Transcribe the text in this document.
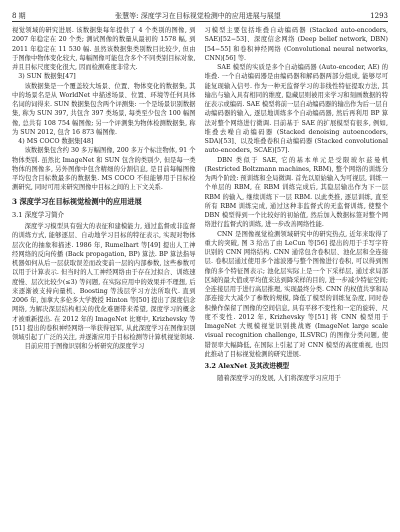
8 期	张慧等: 深度学习在目标视觉检测中的应用进展与展望	1293

视觉领域的研究进展. 该数据集每年提供了 4 个类别的图像, 到 2007 年稳定在 20 个类; 测试图像的数量从最初的 1578 幅, 到 2011 年稳定在 11 530 幅. 虽然该数据集类别数目比较少, 但由于图像中物体变化较大, 每幅图像可能包含多个不同类别目标对象, 并且目标尺度变化很大, 因而检测难度非常大.

3) SUN 数据集[47]

该数据集是一个覆盖较大场景、位置、物体变化的数据集, 其中的场景名是从 WorldNet 中描述场景、位置、环境等任何具体名词的词得来. SUN 数据集包含两个评测集: 一个是场景识别数据集, 称为 SUN 397, 共包含 397 类场景, 每类至少包含 100 幅图像, 总共有 108 754 幅图像; 另一个评测集为物体检测数据集, 称为 SUN 2012, 包含 16 873 幅图像.

4) MS COCO 数据集[48]

该数据集包含约 30 多万幅图像, 200 多万个标注物体, 91 个物体类别. 虽然比 ImageNet 和 SUN 包含的类别少, 但是每一类物体的图像多, 另外图像中包含精细的分割信息, 是目前每幅图像平均包含目标数最多的数据集. MS COCO 不但能够用于目标检测研究, 同时可用来研究图像中目标之间的上下文关系.

3 深度学习在目标视觉检测中的应用进展
3.1 深度学习简介

深度学习模型具有强大的表征和建模能力, 通过监督或非监督的训练方式, 能够逐层、自动地学习目标的特征表示, 实现对物体层次化的抽象和描述. 1986 年, Rumelhart 等[49] 提出人工神经网络的反向传播 (Back propagation, BP) 算法. BP 算法指导机器如何从后一层获取误差而改变前一层的内部参数, 这些参数可以用于计算表示. 但当时的人工神经网络由于存在过拟合、训练速度慢、层次比较少(≤3) 等问题, 在实际应用中的效果并不理想, 后来逐渐被支持向量机、Boosting 等浅层学习方法所取代. 直到 2006 年, 加拿大多伦多大学教授 Hinton 等[50] 提出了深度信念网络, 为解决深层结构相关的优化难题带来希望, 深度学习的概念才被重新提出. 在 2012 年的 ImageNet 比赛中, Krizhevsky 等[51] 提出的卷积神经网络一举获得冠军, 从此深度学习在图像识别领域引起了广泛的关注, 并逐渐应用于目标检测等计算机视觉领域.

目前应用于图像识别和分析研究的深度学习

习模型主要包括堆叠自动编码器 (Stacked auto-encoders, SAE)[52−53]、深度信念网络 (Deep belief network, DBN)[54−55] 和卷积神经网络 (Convolutional neural networks, CNN)[56] 等.

SAE 模型的实质是多个自动编码器 (Auto-encoder, AE) 的堆叠. 一个自动编码器是由编码器和解码器两部分组成, 能够尽可能复现输入信号. 作为一种无监督学习的非线性特征提取方法, 其输出与输入具有相同的维度, 隐藏层则被用来学习和刻画数据的特征表示或编码. SAE 模型将前一层自动编码器的输出作为后一层自动编码器的输入, 逐层地训练多个自动编码器, 然后再利用 BP 算法对整个网络进行微调. 目前基于 SAE 的扩展模型有很多, 例如, 堆叠去噪自动编码器 (Stacked denoising autoencoders, SDA)[53]、以及堆叠卷积自动编码器 (Stacked convolutional auto-encoders, SCAE)[57].

DBN 类似于 SAE, 它的基本单元是受限玻尔兹曼机 (Restricted Boltzmann machines, RBM), 整个网络的训练分为两个阶段: 预训练和全局微调. 首先以原始输入为可视层, 训练一个单层的 RBM, 在 RBM 训练完成后, 其隐层输出作为下一层 RBM 的输入, 继续训练下一层 RBM. 以此类推, 逐层训练, 直至所有 RBM 训练完成, 通过这种非监督式的无监督训练, 使整个 DBN 模型得到一个比较好的初始值, 然后加入数据标签对整个网络进行监督式的训练, 进一步改善网络性能.

CNN 是图像视觉检测领域研究中的研究热点, 近年来取得了重大的突破, 图 3 给出了由 LeCun 等[56] 提出的用于手写字符识别的 CNN 网络结构. CNN 通常包含卷积层、池化层和全连接层. 卷积层通过使用多个滤波器与整个图像进行卷积, 可以得到图像的多个特征图表示; 池化层实际上是一个下采样层, 通过求局部区域的最大值或平均值来达到降采样的目的, 进一步减少特征空间; 全连接层用于进行高层推理, 实现最终分类. CNN 的权值共享和局部连接大大减少了参数的规模, 降低了模型的训练复杂度, 同时卷积操作保留了图像的空间信息, 具有平移不变性和一定的旋转、尺度不变性. 2012 年, Krizhevsky 等[51] 将 CNN 模型用于 ImageNet 大规模视觉识别挑战赛 (ImageNet large scale visual recognition challenge, ILSVRC) 的图像分类问题, 使错误率大幅降低, 在国际上引起了对 CNN 模型的高度重视, 也因此推动了目标视觉检测的研究进展.

3.2 AlexNet 及其改进模型

随着深度学习的发展, 人们将深度学习应用于
